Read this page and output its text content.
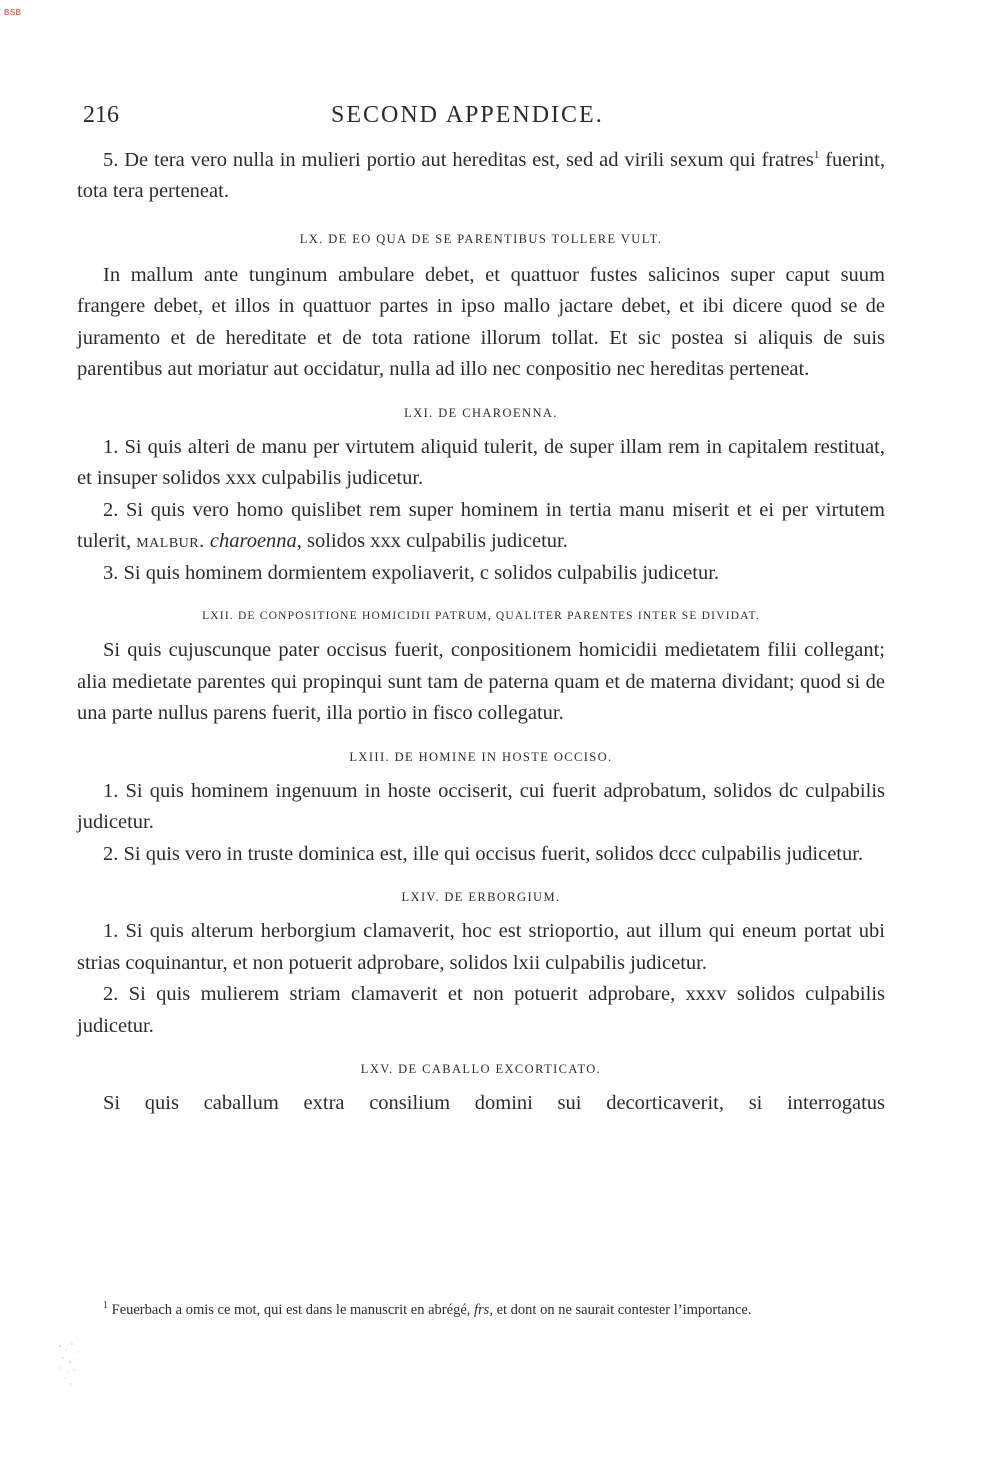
BSB
216	SECOND APPENDICE.

5. De tera vero nulla in mulieri portio aut hereditas est, sed ad virili sexum qui fratres$^1$ fuerint, tota tera perteneat.

LX. DE EO QUA DE SE PARENTIBUS TOLLERE VULT.

In mallum ante tunginum ambulare debet, et quattuor fustes salicinos super caput suum frangere debet, et illos in quattuor partes in ipso mallo jactare debet, et ibi dicere quod se de juramento et de hereditate et de tota ratione illorum tollat. Et sic postea si aliquis de suis parentibus aut moriatur aut occidatur, nulla ad illo nec conpositio nec hereditas perteneat.

LXI. DE CHAROENNA.

1. Si quis alteri de manu per virtutem aliquid tulerit, de super illam rem in capitalem restituat, et insuper solidos xxx culpabilis judicetur.

2. Si quis vero homo quislibet rem super hominem in tertia manu miserit et ei per virtutem tulerit, malbur. charoenna, solidos xxx culpabilis judicetur.

3. Si quis hominem dormientem expoliaverit, c solidos culpabilis judicetur.

LXII. DE CONPOSITIONE HOMICIDII PATRUM, QUALITER PARENTES INTER SE DIVIDAT.

Si quis cujuscunque pater occisus fuerit, conpositionem homicidii medietatem filii collegant; alia medietate parentes qui propinqui sunt tam de paterna quam et de materna dividant; quod si de una parte nullus parens fuerit, illa portio in fisco collegatur.

LXIII. DE HOMINE IN HOSTE OCCISO.

1. Si quis hominem ingenuum in hoste occiserit, cui fuerit adprobatum, solidos dc culpabilis judicetur.

2. Si quis vero in truste dominica est, ille qui occisus fuerit, solidos dccc culpabilis judicetur.

LXIV. DE ERBORGIUM.

1. Si quis alterum herborgium clamaverit, hoc est strioportio, aut illum qui eneum portat ubi strias coquinantur, et non potuerit adprobare, solidos lxii culpabilis judicetur.

2. Si quis mulierem striam clamaverit et non potuerit adprobare, xxxv solidos culpabilis judicetur.

LXV. DE CABALLO EXCORTICATO.

Si quis caballum extra consilium domini sui decorticaverit, si interrogatus

$^1$ Feuerbach a omis ce mot, qui est dans le manuscrit en abrégé, frs, et dont on ne saurait contester l’importance.
